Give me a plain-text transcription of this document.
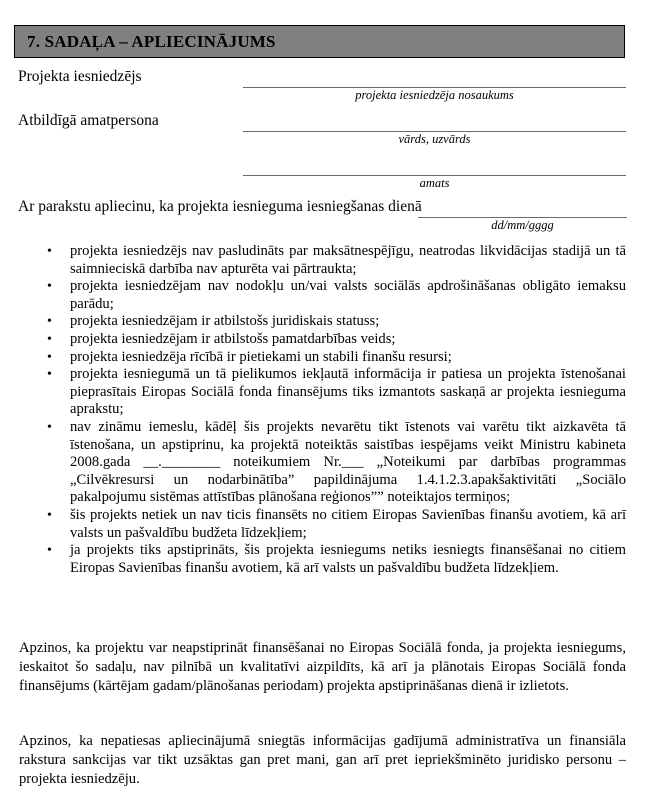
7. SADAĻA – APLIECINĀJUMS
Projekta iesniedzējs
projekta iesniedzēja nosaukums
Atbildīgā amatpersona
vārds, uzvārds
amats
Ar parakstu apliecinu, ka projekta iesnieguma iesniegšanas dienā
dd/mm/gggg
• projekta iesniedzējs nav pasludināts par maksātnespējīgu, neatrodas likvidācijas stadijā un tā saimnieciskā darbība nav apturēta vai pārtraukta;
• projekta iesniedzējam nav nodokļu un/vai valsts sociālās apdrošināšanas obligāto iemaksu parādu;
• projekta iesniedzējam ir atbilstošs juridiskais statuss;
• projekta iesniedzējam ir atbilstošs pamatdarbības veids;
• projekta iesniedzēja rīcībā ir pietiekami un stabili finanšu resursi;
• projekta iesniegumā un tā pielikumos iekļautā informācija ir patiesa un projekta īstenošanai pieprasītais Eiropas Sociālā fonda finansējums tiks izmantots saskaņā ar projekta iesnieguma aprakstu;
• nav zināmu iemeslu, kādēļ šis projekts nevarētu tikt īstenots vai varētu tikt aizkavēta tā īstenošana, un apstiprinu, ka projektā noteiktās saistības iespējams veikt Ministru kabineta 2008.gada __.________ noteikumiem Nr.___ „Noteikumi par darbības programmas „Cilvēkresursi un nodarbinātība” papildinājuma 1.4.1.2.3.apakšaktivitāti „Sociālo pakalpojumu sistēmas attīstības plānošana reģionos”” noteiktajos termiņos;
• šis projekts netiek un nav ticis finansēts no citiem Eiropas Savienības finanšu avotiem, kā arī valsts un pašvaldību budžeta līdzekļiem;
• ja projekts tiks apstiprināts, šis projekta iesniegums netiks iesniegts finansēšanai no citiem Eiropas Savienības finanšu avotiem, kā arī valsts un pašvaldību budžeta līdzekļiem.
Apzinos, ka projektu var neapstiprināt finansēšanai no Eiropas Sociālā fonda, ja projekta iesniegums, ieskaitot šo sadaļu, nav pilnībā un kvalitatīvi aizpildīts, kā arī ja plānotais Eiropas Sociālā fonda finansējums (kārtējam gadam/plānošanas periodam) projekta apstiprināšanas dienā ir izlietots.
Apzinos, ka nepatiesas apliecinājumā sniegtās informācijas gadījumā administratīva un finansiāla rakstura sankcijas var tikt uzsāktas gan pret mani, gan arī pret iepriekšminēto juridisko personu – projekta iesniedzēju.
